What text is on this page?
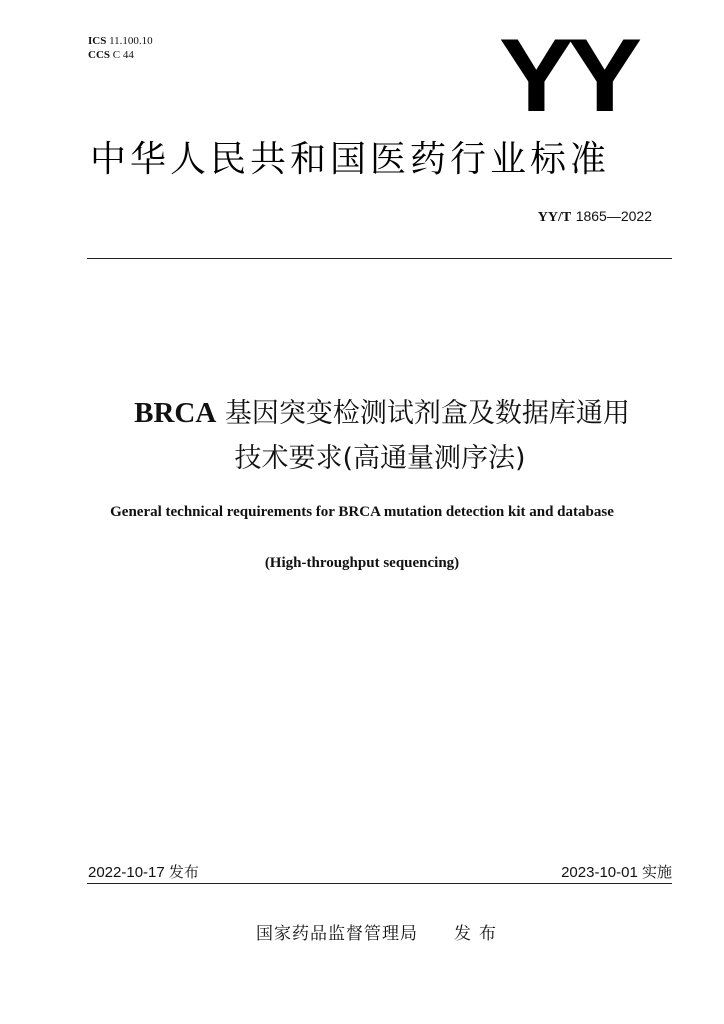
ICS 11.100.10
CCS C 44	YY
中华人民共和国医药行业标准
YY/T 1865—2022
BRCA 基因突变检测试剂盒及数据库通用
技术要求(高通量测序法)
General technical requirements for BRCA mutation detection kit and database
(High-throughput sequencing)
2022-10-17 发布	2023-10-01 实施
国家药品监督管理局 发布
